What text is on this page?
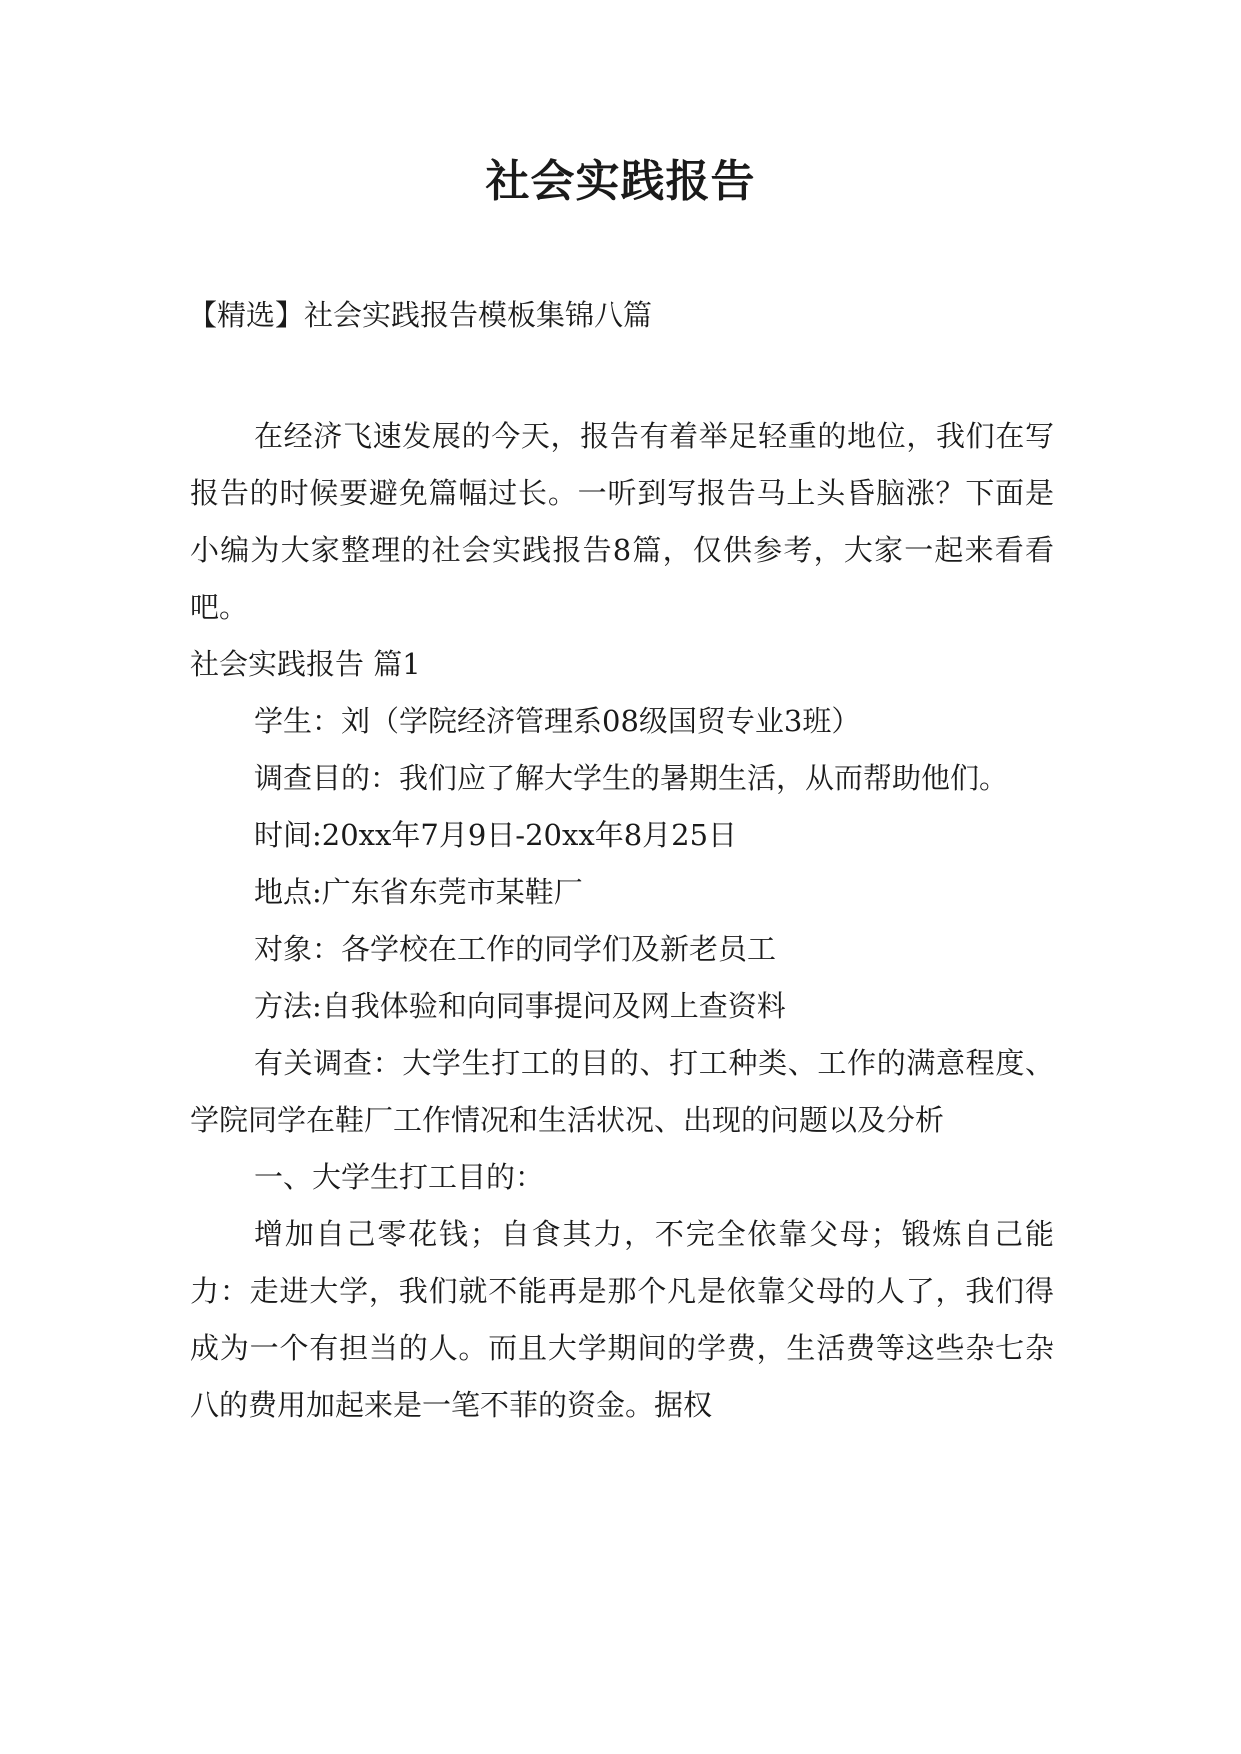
社会实践报告
【精选】社会实践报告模板集锦八篇

在经济飞速发展的今天，报告有着举足轻重的地位，我们在写报告的时候要避免篇幅过长。一听到写报告马上头昏脑涨？下面是小编为大家整理的社会实践报告8篇，仅供参考，大家一起来看看吧。

社会实践报告 篇1

学生：刘（学院经济管理系08级国贸专业3班）

调查目的：我们应了解大学生的暑期生活，从而帮助他们。

时间:20xx年7月9日-20xx年8月25日

地点:广东省东莞市某鞋厂

对象：各学校在工作的同学们及新老员工

方法:自我体验和向同事提问及网上查资料

有关调查：大学生打工的目的、打工种类、工作的满意程度、学院同学在鞋厂工作情况和生活状况、出现的问题以及分析

一、大学生打工目的：

增加自己零花钱；自食其力，不完全依靠父母；锻炼自己能力：走进大学，我们就不能再是那个凡是依靠父母的人了，我们得成为一个有担当的人。而且大学期间的学费，生活费等这些杂七杂八的费用加起来是一笔不菲的资金。据权
